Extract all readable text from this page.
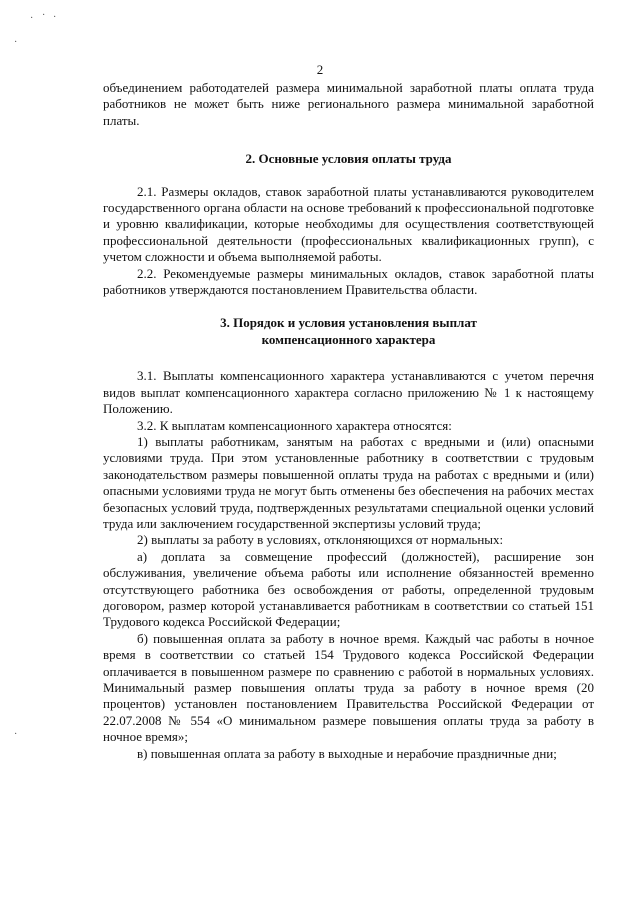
· · ·
·
·
2

объединением работодателей размера минимальной заработной платы оплата труда работников не может быть ниже регионального размера минимальной заработной платы.

2. Основные условия оплаты труда

2.1. Размеры окладов, ставок заработной платы устанавливаются руководителем государственного органа области на основе требований к профессиональной подготовке и уровню квалификации, которые необходимы для осуществления соответствующей профессиональной деятельности (профессиональных квалификационных групп), с учетом сложности и объема выполняемой работы.

2.2. Рекомендуемые размеры минимальных окладов, ставок заработной платы работников утверждаются постановлением Правительства области.

3. Порядок и условия установления выплат

компенсационного характера

3.1. Выплаты компенсационного характера устанавливаются с учетом перечня видов выплат компенсационного характера согласно приложению № 1 к настоящему Положению.

3.2. К выплатам компенсационного характера относятся:

1) выплаты работникам, занятым на работах с вредными и (или) опасными условиями труда. При этом установленные работнику в соответствии с трудовым законодательством размеры повышенной оплаты труда на работах с вредными и (или) опасными условиями труда не могут быть отменены без обеспечения на рабочих местах безопасных условий труда, подтвержденных результатами специальной оценки условий труда или заключением государственной экспертизы условий труда;

2) выплаты за работу в условиях, отклоняющихся от нормальных:

а) доплата за совмещение профессий (должностей), расширение зон обслуживания, увеличение объема работы или исполнение обязанностей временно отсутствующего работника без освобождения от работы, определенной трудовым договором, размер которой устанавливается работникам в соответствии со статьей 151 Трудового кодекса Российской Федерации;

б) повышенная оплата за работу в ночное время. Каждый час работы в ночное время в соответствии со статьей 154 Трудового кодекса Российской Федерации оплачивается в повышенном размере по сравнению с работой в нормальных условиях. Минимальный размер повышения оплаты труда за работу в ночное время (20 процентов) установлен постановлением Правительства Российской Федерации от 22.07.2008 № 554 «О минимальном размере повышения оплаты труда за работу в ночное время»;

в) повышенная оплата за работу в выходные и нерабочие праздничные дни;
